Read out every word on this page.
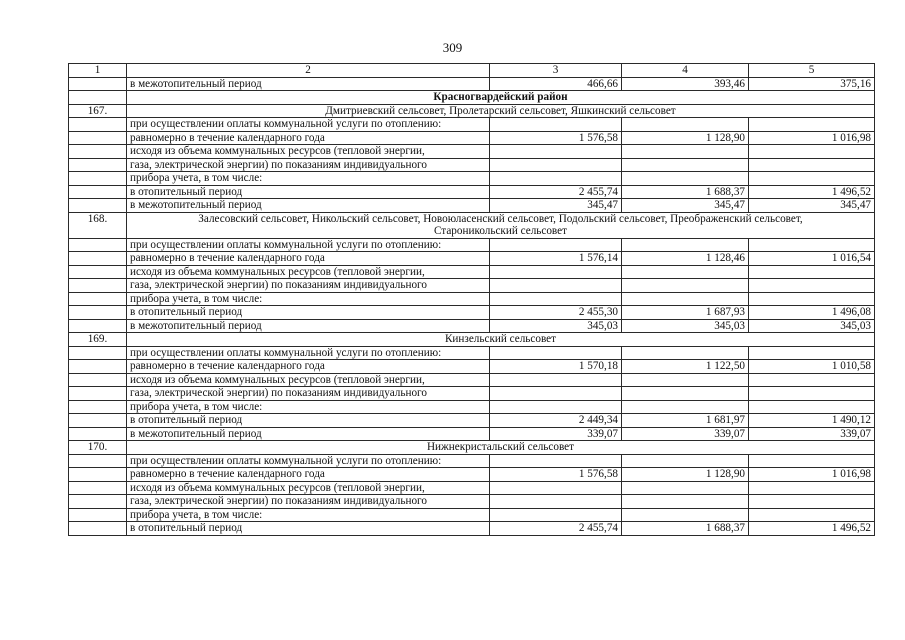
309
1	2	3	4	5
	в межотопительный период	466,66	393,46	375,16
	Красногвардейский район			
167.	Дмитриевский сельсовет, Пролетарский сельсовет, Яшкинский сельсовет			
	при осуществлении оплаты коммунальной услуги по отоплению:			
	равномерно в течение календарного года	1 576,58	1 128,90	1 016,98
	исходя из объема коммунальных ресурсов (тепловой энергии,			
	газа, электрической энергии) по показаниям индивидуального			
	прибора учета, в том числе:			
	в отопительный период	2 455,74	1 688,37	1 496,52
	в межотопительный период	345,47	345,47	345,47
168.	Залесовский сельсовет, Никольский сельсовет, Новоюласенский сельсовет, Подольский сельсовет, Преображенский сельсовет,
Староникольский сельсовет			
	при осуществлении оплаты коммунальной услуги по отоплению:			
	равномерно в течение календарного года	1 576,14	1 128,46	1 016,54
	исходя из объема коммунальных ресурсов (тепловой энергии,			
	газа, электрической энергии) по показаниям индивидуального			
	прибора учета, в том числе:			
	в отопительный период	2 455,30	1 687,93	1 496,08
	в межотопительный период	345,03	345,03	345,03
169.	Кинзельский сельсовет			
	при осуществлении оплаты коммунальной услуги по отоплению:			
	равномерно в течение календарного года	1 570,18	1 122,50	1 010,58
	исходя из объема коммунальных ресурсов (тепловой энергии,			
	газа, электрической энергии) по показаниям индивидуального			
	прибора учета, в том числе:			
	в отопительный период	2 449,34	1 681,97	1 490,12
	в межотопительный период	339,07	339,07	339,07
170.	Нижнекристальский сельсовет			
	при осуществлении оплаты коммунальной услуги по отоплению:			
	равномерно в течение календарного года	1 576,58	1 128,90	1 016,98
	исходя из объема коммунальных ресурсов (тепловой энергии,			
	газа, электрической энергии) по показаниям индивидуального			
	прибора учета, в том числе:			
	в отопительный период	2 455,74	1 688,37	1 496,52
